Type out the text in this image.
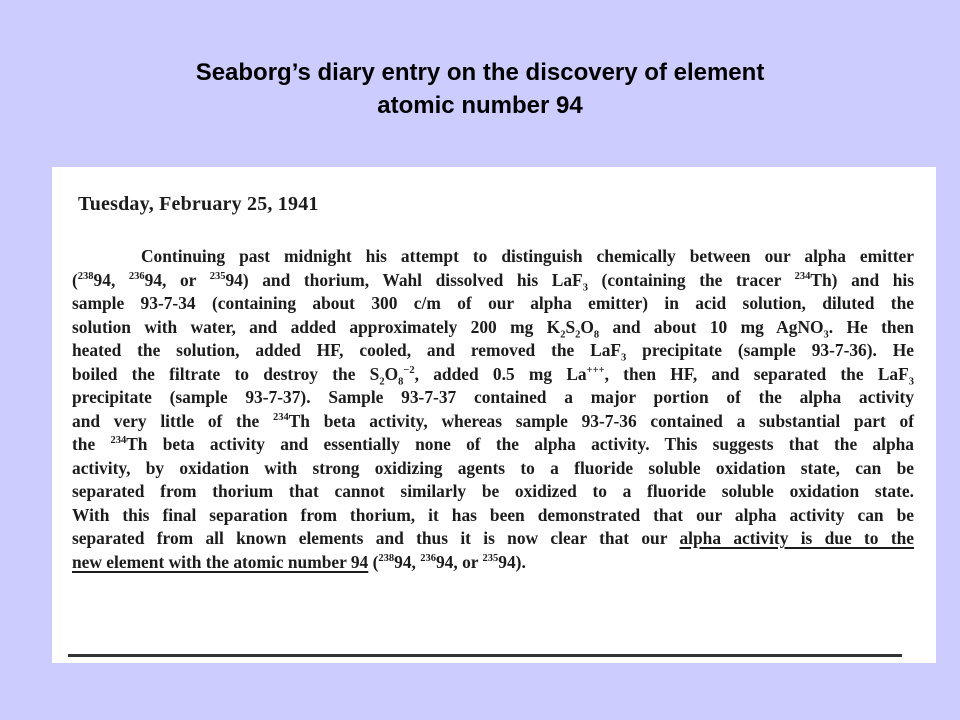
Seaborg’s diary entry on the discovery of element
atomic number 94
Tuesday, February 25, 1941
Continuing past midnight his attempt to distinguish chemically between our alpha emitter
($^{238}$94, $^{236}$94, or $^{235}$94) and thorium, Wahl dissolved his LaF$_3$ (containing the tracer $^{234}$Th) and his
sample 93-7-34 (containing about 300 c/m of our alpha emitter) in acid solution, diluted the
solution with water, and added approximately 200 mg $K_2S_2O_8$ and about 10 mg AgNO$_3$. He then
heated the solution, added HF, cooled, and removed the LaF$_3$ precipitate (sample 93-7-36). He
boiled the filtrate to destroy the $S_2O_8^{-2}$, added 0.5 mg La+++, then HF, and separated the LaF$_3$
precipitate (sample 93-7-37). Sample 93-7-37 contained a major portion of the alpha activity
and very little of the $^{234}$Th beta activity, whereas sample 93-7-36 contained a substantial part of
the $^{234}$Th beta activity and essentially none of the alpha activity. This suggests that the alpha
activity, by oxidation with strong oxidizing agents to a fluoride soluble oxidation state, can be
separated from thorium that cannot similarly be oxidized to a fluoride soluble oxidation state.
With this final separation from thorium, it has been demonstrated that our alpha activity can be
separated from all known elements and thus it is now clear that our alpha activity is due to the
new element with the atomic number 94 ($^{238}$94, $^{236}$94, or $^{235}$94).
